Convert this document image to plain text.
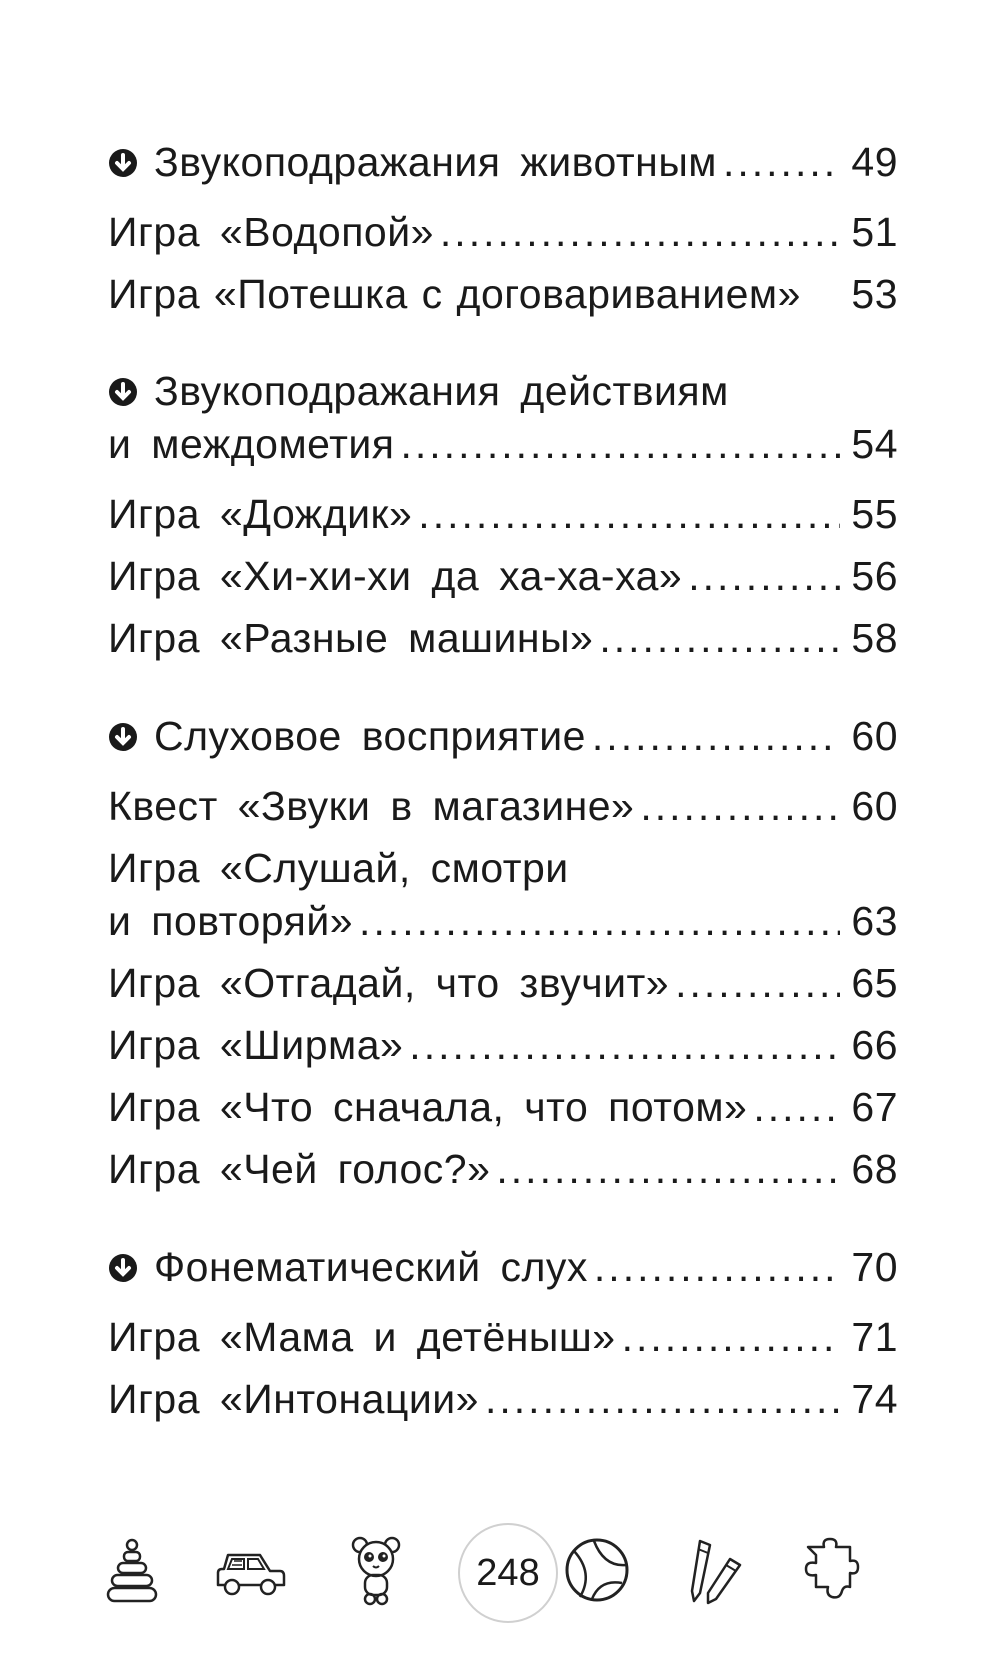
Звукоподражания животным .....	49
Игра «Водопой» .....	51
Игра «Потешка с договариванием» 53
Звукоподражания действиям
и междометия .....	54
Игра «Дождик» .....	55
Игра «Хи-хи-хи да ха-ха-ха» .....	56
Игра «Разные машины» .....	58
Слуховое восприятие .....	60
Квест «Звуки в магазине» .....	60
Игра «Слушай, смотри
и повторяй» .....	63
Игра «Отгадай, что звучит» .....	65
Игра «Ширма» .....	66
Игра «Что сначала, что потом» .....	67
Игра «Чей голос?» .....	68
Фонематический слух .....	70
Игра «Мама и детёныш» .....	71
Игра «Интонации» .....	74
248
